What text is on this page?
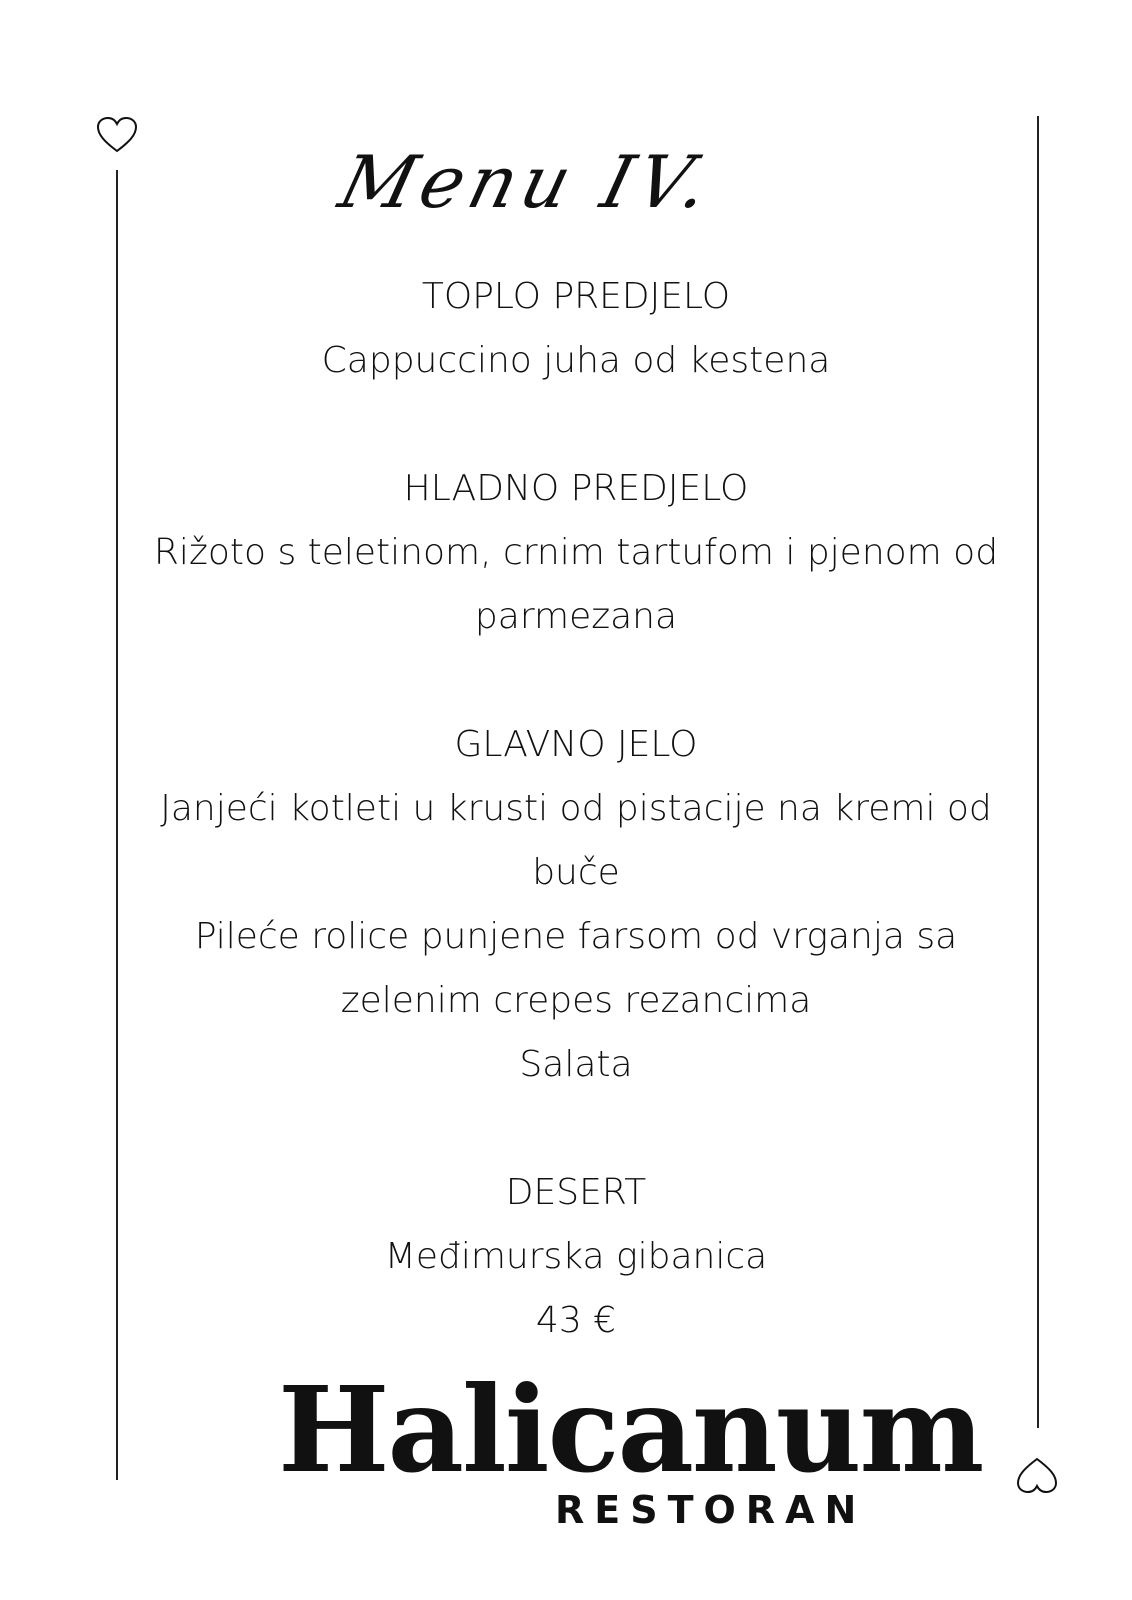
Menu IV.
TOPLO PREDJELO
Cappuccino juha od kestena
HLADNO PREDJELO
Rižoto s teletinom, crnim tartufom i pjenom od
parmezana
GLAVNO JELO
Janjeći kotleti u krusti od pistacije na kremi od
buče
Pileće rolice punjene farsom od vrganja sa
zelenim crepes rezancima
Salata
DESERT
Međimurska gibanica
43 €
Halicanum
RESTORAN
